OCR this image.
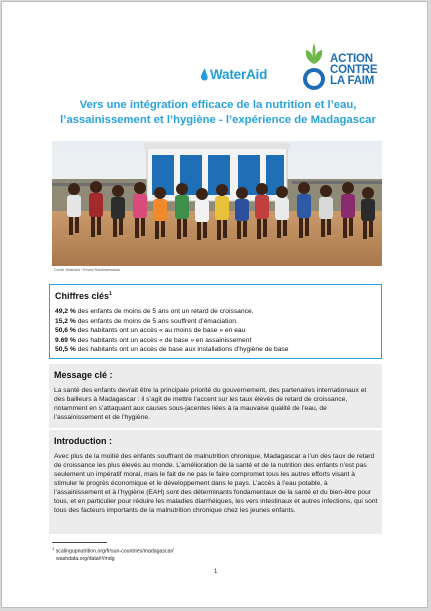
WaterAid
ACTION
CONTRE
LA FAIM
Vers une intégration efficace de la nutrition et l’eau,
l’assainissement et l’hygiène - l’expérience de Madagascar
Credit: WaterAid / Ernest Randriarimalala
Chiffres clés$^1$
49,2 % des enfants de moins de 5 ans ont un retard de croissance.
15,2 % des enfants de moins de 5 ans souffrent d’émaciation.
50,6 % des habitants ont un accès « au moins de base » en eau
9.69 % des habitants ont un accès « de base » en assainissement
50,5 % des habitants ont un accès de base aux installations d’hygiène de base
Message clé :

La santé des enfants devrait être la principale priorité du gouvernement, des partenaires internationaux et des bailleurs à Madagascar : il s’agit de mettre l’accent sur les taux élevés de retard de croissance, notamment en s’attaquant aux causes sous-jacentes liées à la mauvaise qualité de l’eau, de l’assainissement et de l’hygiène.

Introduction :

Avec plus de la moitié des enfants souffrant de malnutrition chronique, Madagascar a l’un des taux de retard de croissance les plus élevés au monde. L’amélioration de la santé et de la nutrition des enfants n’est pas seulement un impératif moral, mais le fait de ne pas le faire compromet tous les autres efforts visant à stimuler le progrès économique et le développement dans le pays. L’accès à l’eau potable, à l’assainissement et à l’hygiène (EAH) sont des déterminants fondamentaux de la santé et du bien-être pour tous, et en particulier pour réduire les maladies diarrhéiques, les vers intestinaux et autres infections, qui sont tous des facteurs importants de la malnutrition chronique chez les jeunes enfants.

$^1$ scalingupnutrition.org/fr/sun-countries/madagascar/
washdata.org/data#!/mdg
1
